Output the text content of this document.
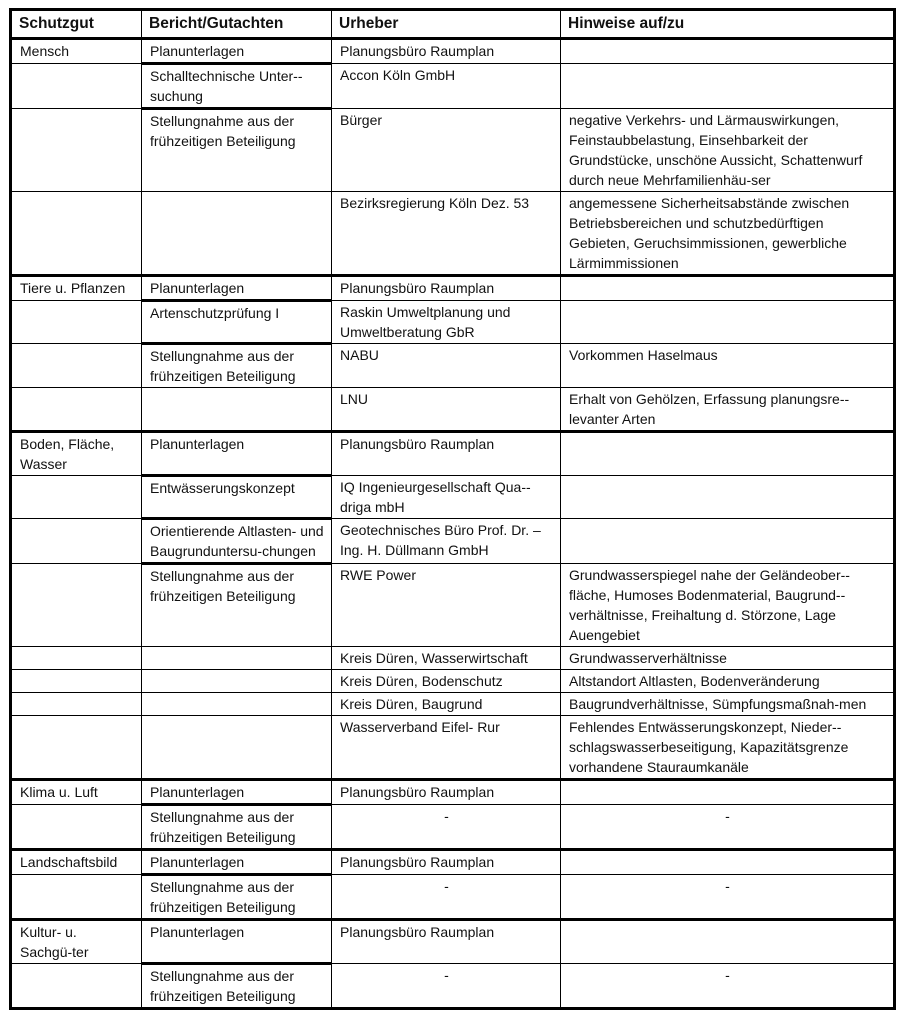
Schutzgut	Bericht/Gutachten	Urheber	Hinweise auf/zu
Mensch	Planunterlagen	Planungsbüro Raumplan	
	Schalltechnische Unter-suchung	Accon Köln GmbH	
	Stellungnahme aus der frühzeitigen Beteiligung	Bürger	negative Verkehrs- und Lärmauswirkungen, Feinstaubbelastung, Einsehbarkeit der Grundstücke, unschöne Aussicht, Schattenwurf durch neue Mehrfamilienhäu-ser
		Bezirksregierung Köln Dez. 53	angemessene Sicherheitsabstände zwischen Betriebsbereichen und schutzbedürftigen Gebieten, Geruchsimmissionen, gewerbliche Lärmimmissionen
Tiere u. Pflanzen	Planunterlagen	Planungsbüro Raumplan	
	Artenschutzprüfung I	Raskin Umweltplanung und Umweltberatung GbR	
	Stellungnahme aus der frühzeitigen Beteiligung	NABU	Vorkommen Haselmaus
		LNU	Erhalt von Gehölzen, Erfassung planungsre-levanter Arten
Boden, Fläche, Wasser	Planunterlagen	Planungsbüro Raumplan	
	Entwässerungskonzept	IQ Ingenieurgesellschaft Qua-driga mbH	
	Orientierende Altlasten- und Baugrunduntersu-chungen	Geotechnisches Büro Prof. Dr. – Ing. H. Düllmann GmbH	
	Stellungnahme aus der frühzeitigen Beteiligung	RWE Power	Grundwasserspiegel nahe der Geländeober-fläche, Humoses Bodenmaterial, Baugrund-verhältnisse, Freihaltung d. Störzone, Lage Auengebiet
		Kreis Düren, Wasserwirtschaft	Grundwasserverhältnisse
		Kreis Düren, Bodenschutz	Altstandort Altlasten, Bodenveränderung
		Kreis Düren, Baugrund	Baugrundverhältnisse, Sümpfungsmaßnah-men
		Wasserverband Eifel- Rur	Fehlendes Entwässerungskonzept, Nieder-schlagswasserbeseitigung, Kapazitätsgrenze vorhandene Stauraumkanäle
Klima u. Luft	Planunterlagen	Planungsbüro Raumplan	
	Stellungnahme aus der frühzeitigen Beteiligung	-	-
Landschaftsbild	Planunterlagen	Planungsbüro Raumplan	
	Stellungnahme aus der frühzeitigen Beteiligung	-	-
Kultur- u. Sachgü-ter	Planunterlagen	Planungsbüro Raumplan	
	Stellungnahme aus der frühzeitigen Beteiligung	-	-
